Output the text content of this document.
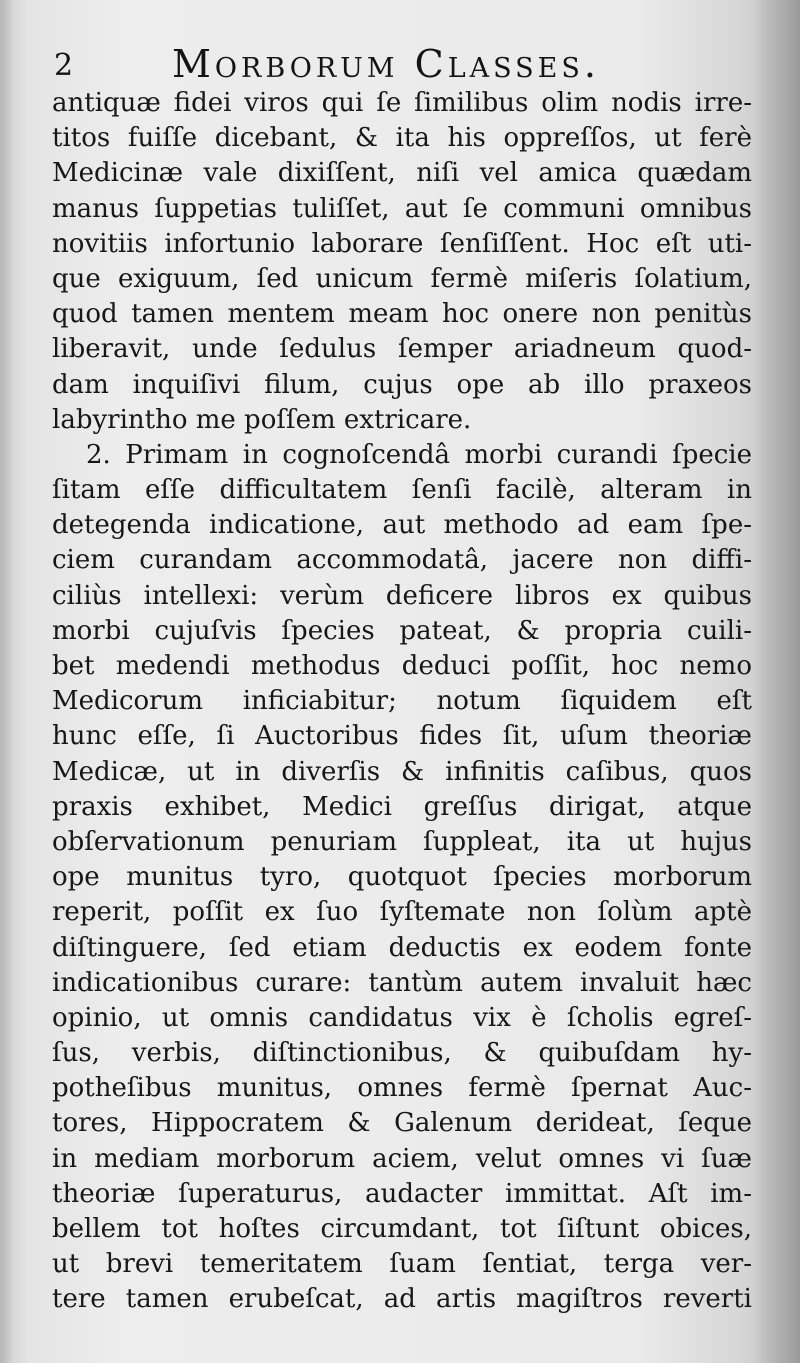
2	Morborum Classes.
antiquæ fidei viros qui ſe ſimilibus olim nodis irre-
titos fuiſſe dicebant, & ita his oppreſſos, ut ferè
Medicinæ vale dixiſſent, niſi vel amica quædam
manus ſuppetias tuliſſet, aut ſe communi omnibus
novitiis infortunio laborare ſenſiſſent. Hoc eſt uti-
que exiguum, ſed unicum fermè miſeris ſolatium,
quod tamen mentem meam hoc onere non penitùs
liberavit, unde ſedulus ſemper ariadneum quod-
dam inquiſivi filum, cujus ope ab illo praxeos
labyrintho me poſſem extricare.
2. Primam in cognoſcendâ morbi curandi ſpecie
ſitam eſſe difficultatem ſenſi facilè, alteram in
detegenda indicatione, aut methodo ad eam ſpe-
ciem curandam accommodatâ, jacere non diffi-
ciliùs intellexi: verùm deficere libros ex quibus
morbi cujuſvis ſpecies pateat, & propria cuili-
bet medendi methodus deduci poſſit, hoc nemo
Medicorum inficiabitur; notum ſiquidem eſt
hunc eſſe, ſi Auctoribus fides ſit, uſum theoriæ
Medicæ, ut in diverſis & infinitis caſibus, quos
praxis exhibet, Medici greſſus dirigat, atque
obſervationum penuriam ſuppleat, ita ut hujus
ope munitus tyro, quotquot ſpecies morborum
reperit, poſſit ex ſuo ſyſtemate non ſolùm aptè
diſtinguere, ſed etiam deductis ex eodem fonte
indicationibus curare: tantùm autem invaluit hæc
opinio, ut omnis candidatus vix è ſcholis egreſ-
ſus, verbis, diſtinctionibus, & quibuſdam hy-
potheſibus munitus, omnes fermè ſpernat Auc-
tores, Hippocratem & Galenum derideat, ſeque
in mediam morborum aciem, velut omnes vi ſuæ
theoriæ ſuperaturus, audacter immittat. Aſt im-
bellem tot hoſtes circumdant, tot ſiſtunt obices,
ut brevi temeritatem ſuam ſentiat, terga ver-
tere tamen erubeſcat, ad artis magiſtros reverti
